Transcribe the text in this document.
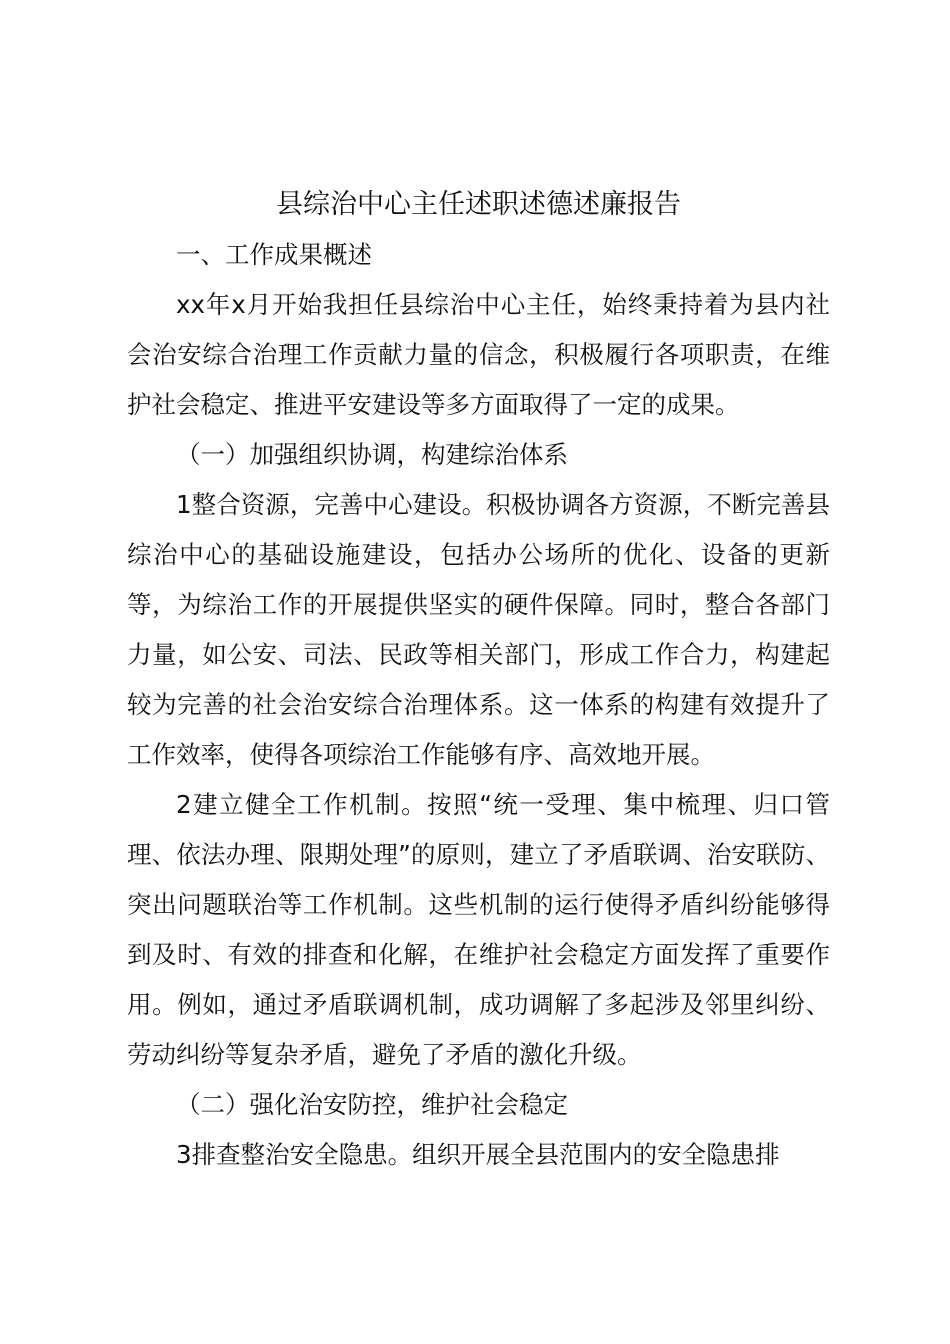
县综治中心主任述职述德述廉报告

一、工作成果概述

xx年x月开始我担任县综治中心主任，始终秉持着为县内社会治安综合治理工作贡献力量的信念，积极履行各项职责，在维护社会稳定、推进平安建设等多方面取得了一定的成果。

（一）加强组织协调，构建综治体系

1整合资源，完善中心建设。积极协调各方资源，不断完善县综治中心的基础设施建设，包括办公场所的优化、设备的更新等，为综治工作的开展提供坚实的硬件保障。同时，整合各部门力量，如公安、司法、民政等相关部门，形成工作合力，构建起较为完善的社会治安综合治理体系。这一体系的构建有效提升了工作效率，使得各项综治工作能够有序、高效地开展。

2建立健全工作机制。按照“统一受理、集中梳理、归口管理、依法办理、限期处理”的原则，建立了矛盾联调、治安联防、突出问题联治等工作机制。这些机制的运行使得矛盾纠纷能够得到及时、有效的排查和化解，在维护社会稳定方面发挥了重要作用。例如，通过矛盾联调机制，成功调解了多起涉及邻里纠纷、劳动纠纷等复杂矛盾，避免了矛盾的激化升级。

（二）强化治安防控，维护社会稳定

3排查整治安全隐患。组织开展全县范围内的安全隐患排
